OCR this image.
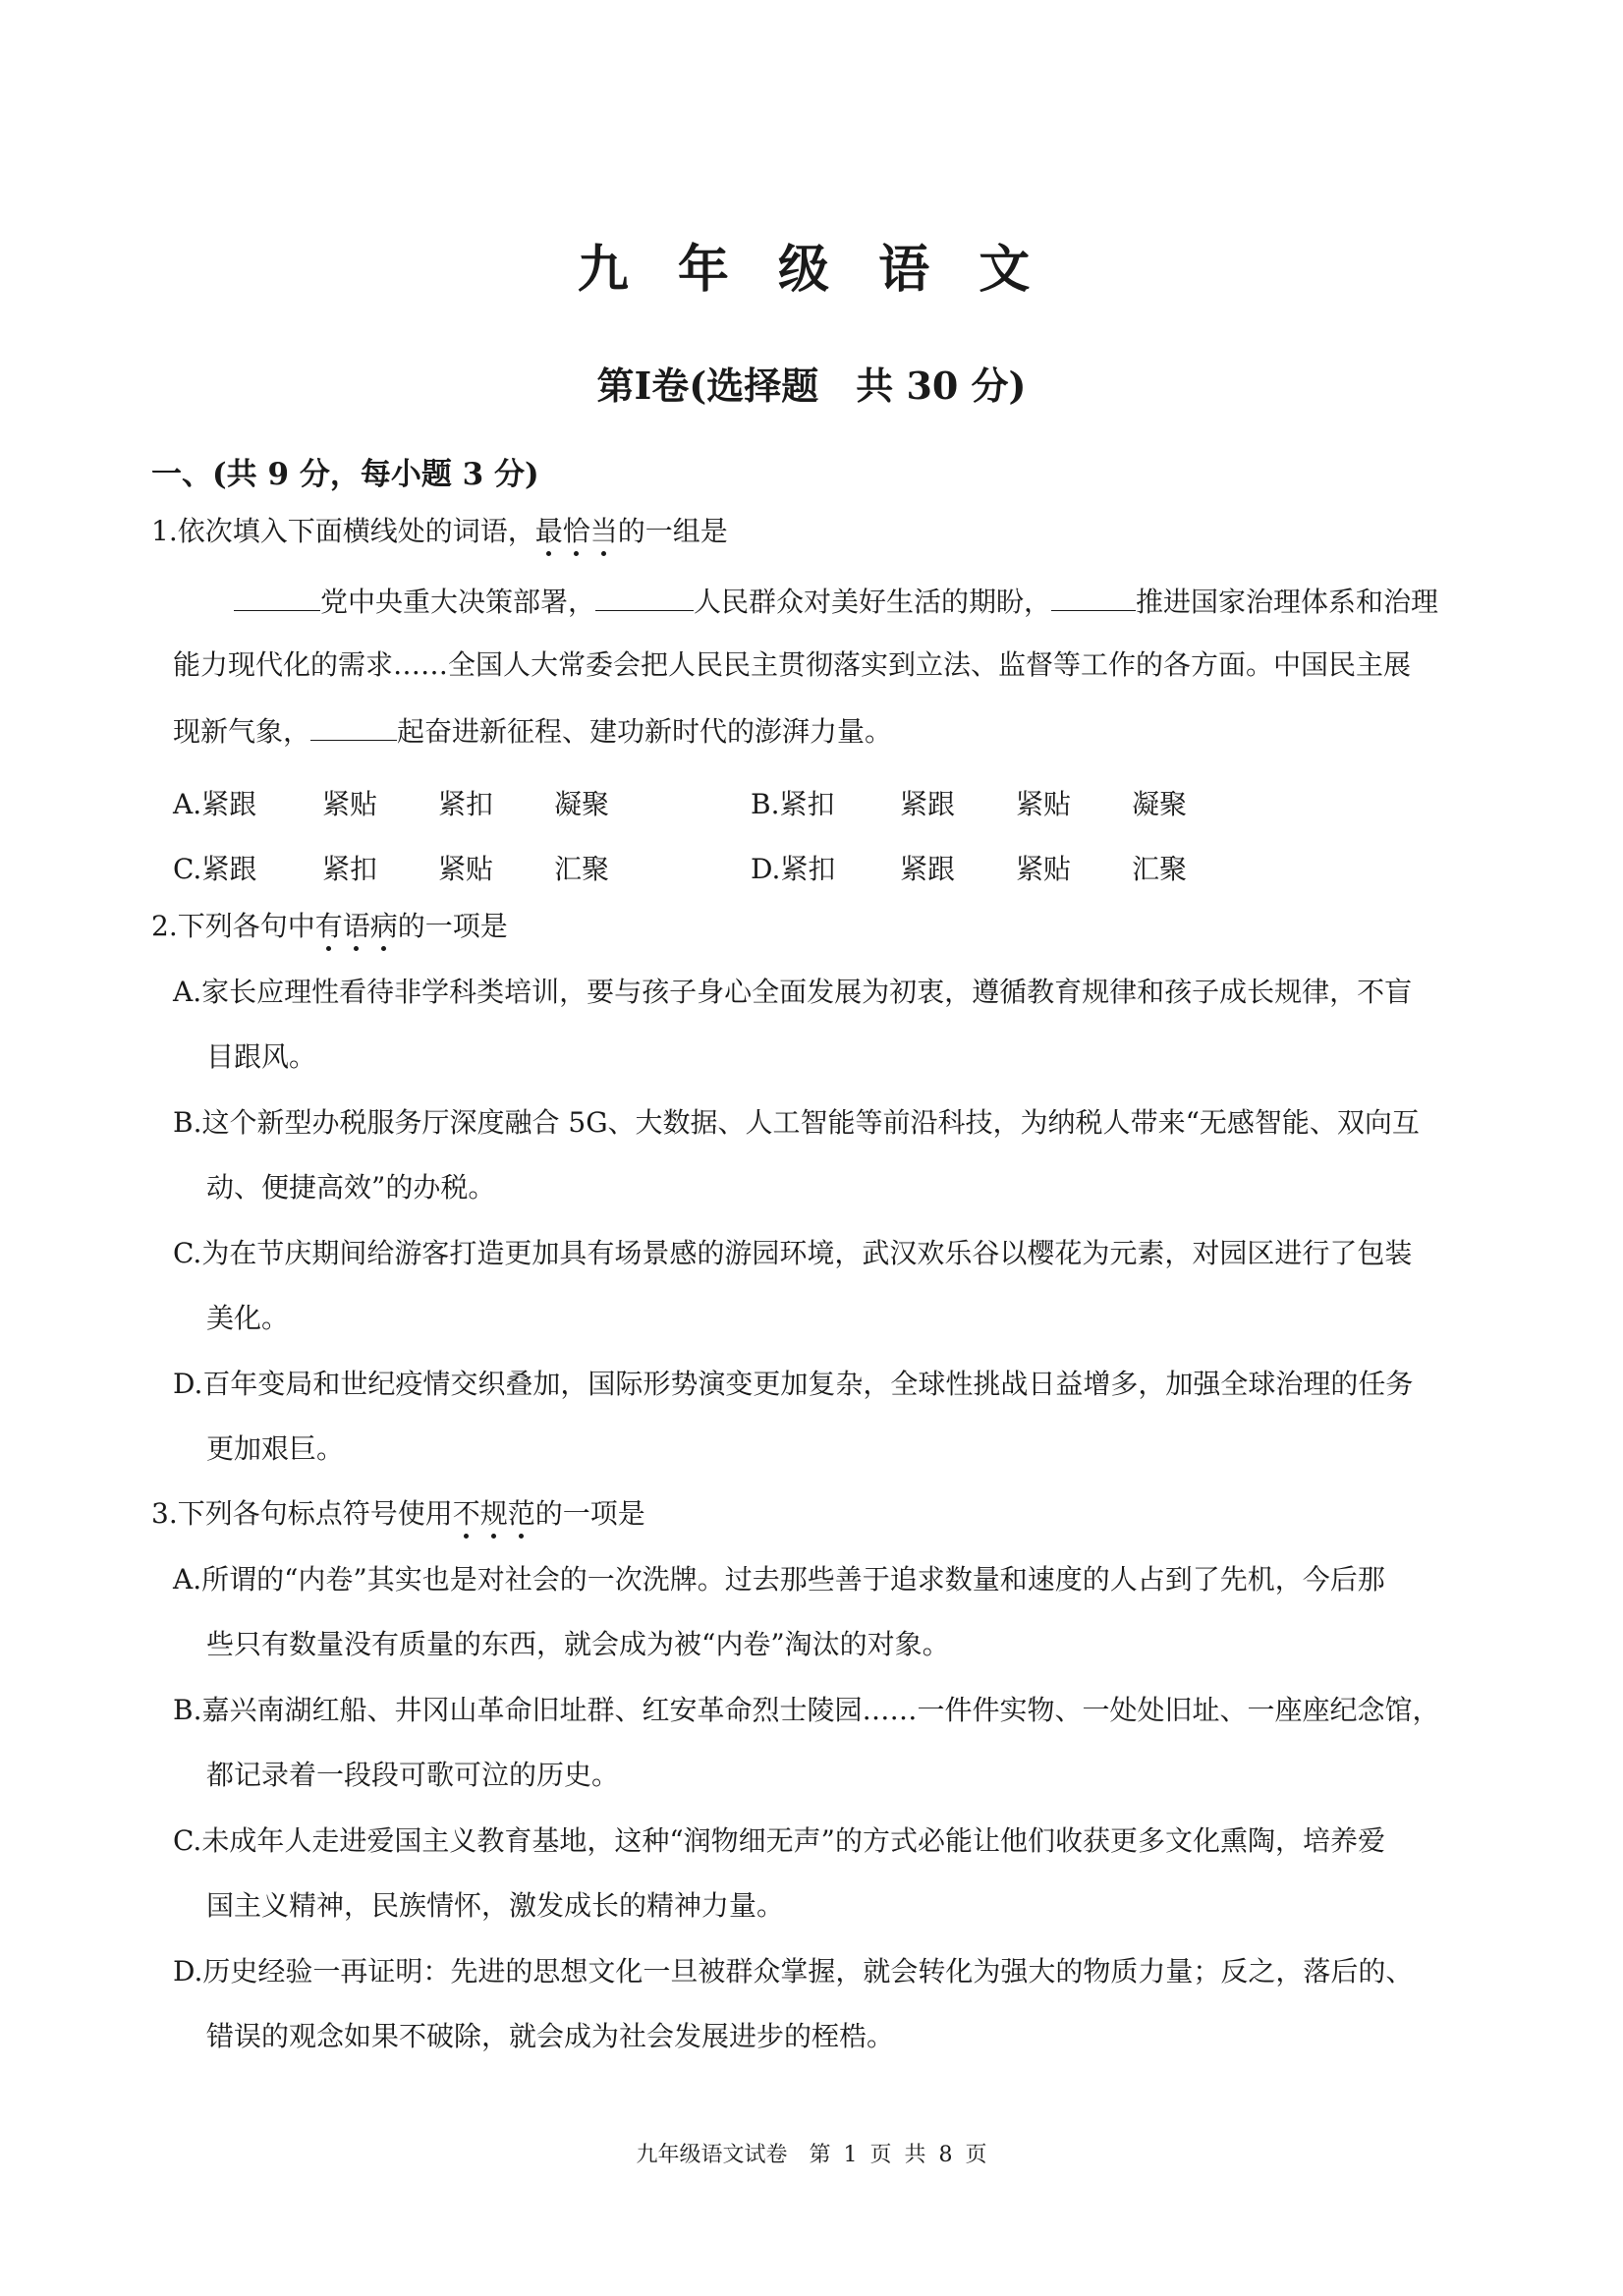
九 年 级 语 文
第Ⅰ卷(选择题　共 30 分)
一、(共 9 分，每小题 3 分)
1.依次填入下面横线处的词语，最恰当的一组是
党中央重大决策部署，	人民群众对美好生活的期盼，	推进国家治理体系和治理
能力现代化的需求……全国人大常委会把人民民主贯彻落实到立法、监督等工作的各方面。中国民主展
现新气象，	起奋进新征程、建功新时代的澎湃力量。
A.紧跟 紧贴 紧扣 凝聚	B.紧扣 紧跟 紧贴 凝聚
C.紧跟 紧扣 紧贴 汇聚	D.紧扣 紧跟 紧贴 汇聚
2.下列各句中有语病的一项是
A.家长应理性看待非学科类培训，要与孩子身心全面发展为初衷，遵循教育规律和孩子成长规律，不盲
目跟风。
B.这个新型办税服务厅深度融合 5G、大数据、人工智能等前沿科技，为纳税人带来“无感智能、双向互
动、便捷高效”的办税。
C.为在节庆期间给游客打造更加具有场景感的游园环境，武汉欢乐谷以樱花为元素，对园区进行了包装
美化。
D.百年变局和世纪疫情交织叠加，国际形势演变更加复杂，全球性挑战日益增多，加强全球治理的任务
更加艰巨。
3.下列各句标点符号使用不规范的一项是
A.所谓的“内卷”其实也是对社会的一次洗牌。过去那些善于追求数量和速度的人占到了先机，今后那
些只有数量没有质量的东西，就会成为被“内卷”淘汰的对象。
B.嘉兴南湖红船、井冈山革命旧址群、红安革命烈士陵园……一件件实物、一处处旧址、一座座纪念馆，
都记录着一段段可歌可泣的历史。
C.未成年人走进爱国主义教育基地，这种“润物细无声”的方式必能让他们收获更多文化熏陶，培养爱
国主义精神，民族情怀，激发成长的精神力量。
D.历史经验一再证明：先进的思想文化一旦被群众掌握，就会转化为强大的物质力量；反之，落后的、
错误的观念如果不破除，就会成为社会发展进步的桎梏。
九年级语文试卷　第 1 页 共 8 页
